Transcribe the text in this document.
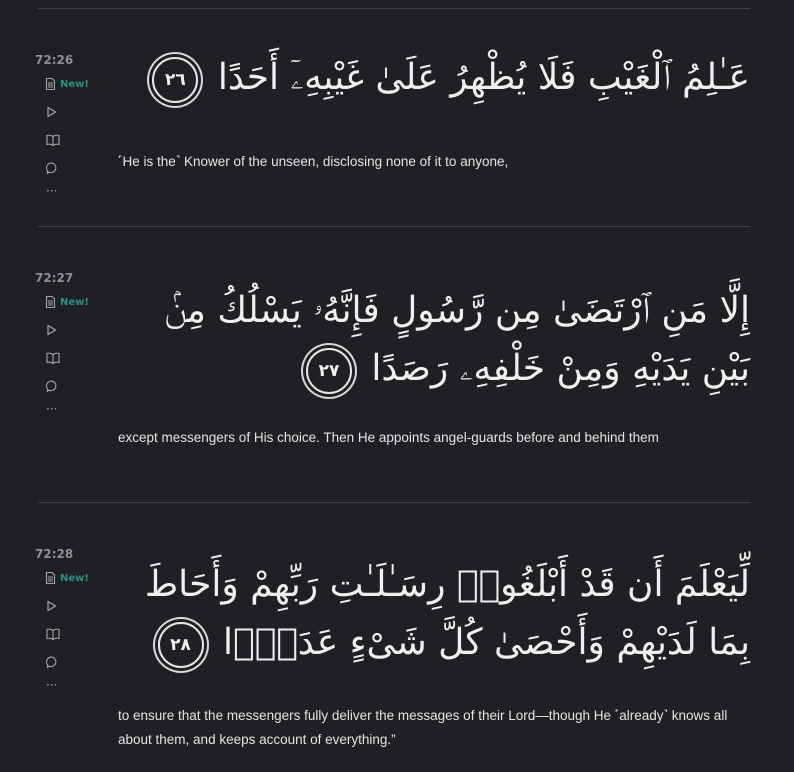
72:26
New!
···
عَـٰلِمُ ٱلْغَيْبِ فَلَا يُظْهِرُ عَلَىٰ غَيْبِهِۦٓ أَحَدًا ٢٦
˹He is the˺ Knower of the unseen, disclosing none of it to anyone,
72:27
New!
···
إِلَّا مَنِ ٱرْتَضَىٰ مِن رَّسُولٍ فَإِنَّهُۥ يَسْلُكُ مِنۢ بَيْنِ يَدَيْهِ وَمِنْ خَلْفِهِۦ رَصَدًا ٢٧
except messengers of His choice. Then He appoints angel-guards before and behind them
72:28
New!
···
لِّيَعْلَمَ أَن قَدْ أَبْلَغُوا۟ رِسَـٰلَـٰتِ رَبِّهِمْ وَأَحَاطَ بِمَا لَدَيْهِمْ وَأَحْصَىٰ كُلَّ شَىْءٍ عَدَدًۢا ٢٨
to ensure that the messengers fully deliver the messages of their Lord—though He ˹already˺ knows all about them, and keeps account of everything.”
